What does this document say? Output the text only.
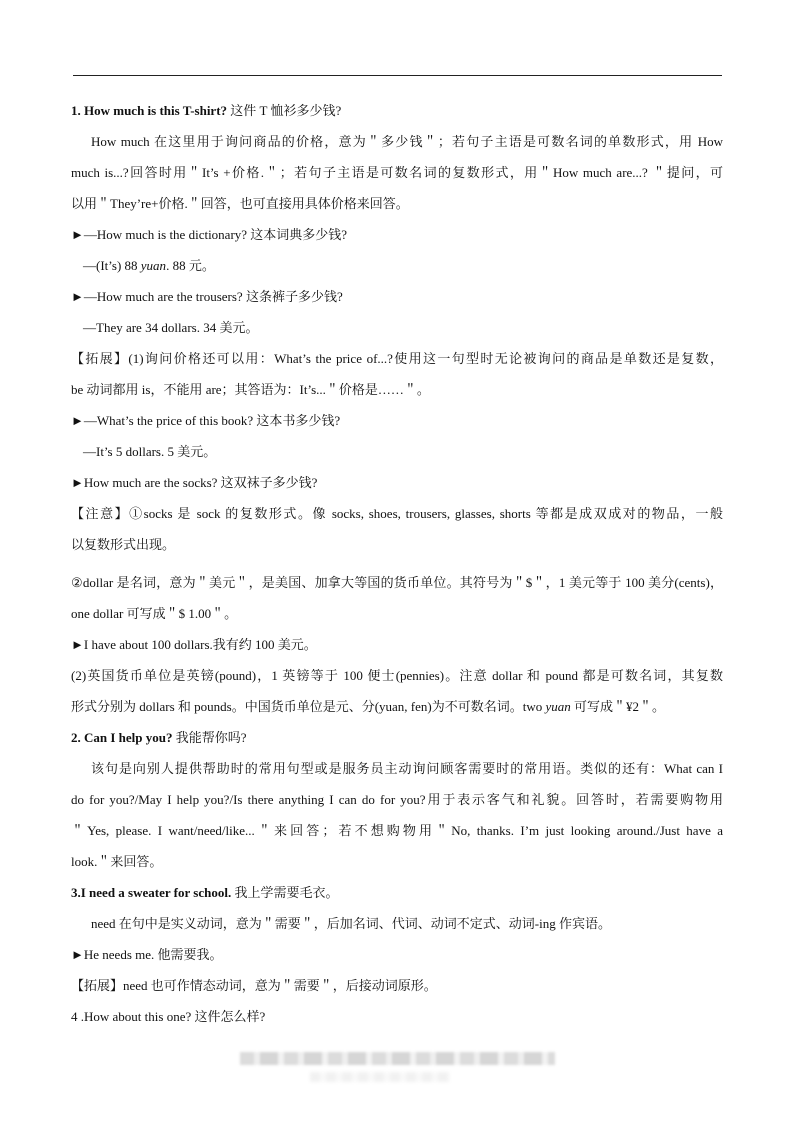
1. How much is this T-shirt? 这件 T 恤衫多少钱?
How much 在这里用于询问商品的价格，意为＂多少钱＂；若句子主语是可数名词的单数形式，用 How
much is...?回答时用＂It’s +价格.＂；若句子主语是可数名词的复数形式，用＂How much are...? ＂提问，可
以用＂They’re+价格.＂回答，也可直接用具体价格来回答。
►—How much is the dictionary? 这本词典多少钱?
—(It’s) 88 yuan. 88 元。
►—How much are the trousers? 这条裤子多少钱?
—They are 34 dollars. 34 美元。
【拓展】(1)询问价格还可以用：What’s the price of...?使用这一句型时无论被询问的商品是单数还是复数，
be 动词都用 is，不能用 are；其答语为：It’s...＂价格是……＂。
►—What’s the price of this book? 这本书多少钱?
—It’s 5 dollars. 5 美元。
►How much are the socks? 这双袜子多少钱?
【注意】①socks 是 sock 的复数形式。像 socks, shoes, trousers, glasses, shorts 等都是成双成对的物品，一般
以复数形式出现。
②dollar 是名词，意为＂美元＂，是美国、加拿大等国的货币单位。其符号为＂$＂，1 美元等于 100 美分(cents)，
one dollar 可写成＂$ 1.00＂。
►I have about 100 dollars.我有约 100 美元。
(2)英国货币单位是英镑(pound)，1 英镑等于 100 便士(pennies)。注意 dollar 和 pound 都是可数名词，其复数
形式分别为 dollars 和 pounds。中国货币单位是元、分(yuan, fen)为不可数名词。two yuan 可写成＂¥2＂。
2. Can I help you? 我能帮你吗?
该句是向别人提供帮助时的常用句型或是服务员主动询问顾客需要时的常用语。类似的还有：What can I
do for you?/May I help you?/Is there anything I can do for you?用于表示客气和礼貌。回答时，若需要购物用
＂Yes, please. I want/need/like...＂来回答；若不想购物用＂No, thanks. I’m just looking around./Just have a
look.＂来回答。
3.I need a sweater for school. 我上学需要毛衣。
need 在句中是实义动词，意为＂需要＂，后加名词、代词、动词不定式、动词-ing 作宾语。
►He needs me. 他需要我。
【拓展】need 也可作情态动词，意为＂需要＂，后接动词原形。
4 .How about this one? 这件怎么样?
